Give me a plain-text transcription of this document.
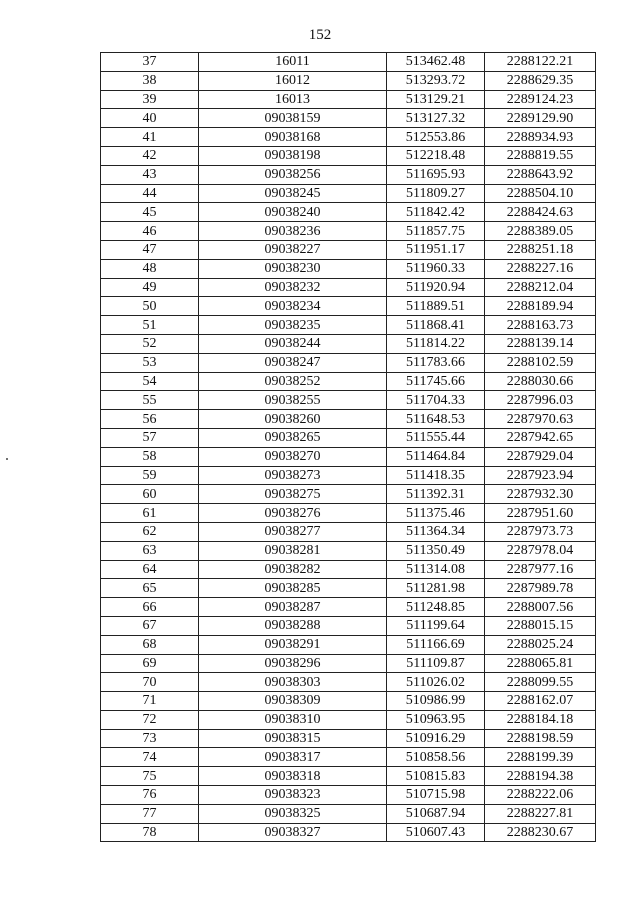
152
37	16011	513462.48	2288122.21
38	16012	513293.72	2288629.35
39	16013	513129.21	2289124.23
40	09038159	513127.32	2289129.90
41	09038168	512553.86	2288934.93
42	09038198	512218.48	2288819.55
43	09038256	511695.93	2288643.92
44	09038245	511809.27	2288504.10
45	09038240	511842.42	2288424.63
46	09038236	511857.75	2288389.05
47	09038227	511951.17	2288251.18
48	09038230	511960.33	2288227.16
49	09038232	511920.94	2288212.04
50	09038234	511889.51	2288189.94
51	09038235	511868.41	2288163.73
52	09038244	511814.22	2288139.14
53	09038247	511783.66	2288102.59
54	09038252	511745.66	2288030.66
55	09038255	511704.33	2287996.03
56	09038260	511648.53	2287970.63
57	09038265	511555.44	2287942.65
58	09038270	511464.84	2287929.04
59	09038273	511418.35	2287923.94
60	09038275	511392.31	2287932.30
61	09038276	511375.46	2287951.60
62	09038277	511364.34	2287973.73
63	09038281	511350.49	2287978.04
64	09038282	511314.08	2287977.16
65	09038285	511281.98	2287989.78
66	09038287	511248.85	2288007.56
67	09038288	511199.64	2288015.15
68	09038291	511166.69	2288025.24
69	09038296	511109.87	2288065.81
70	09038303	511026.02	2288099.55
71	09038309	510986.99	2288162.07
72	09038310	510963.95	2288184.18
73	09038315	510916.29	2288198.59
74	09038317	510858.56	2288199.39
75	09038318	510815.83	2288194.38
76	09038323	510715.98	2288222.06
77	09038325	510687.94	2288227.81
78	09038327	510607.43	2288230.67
